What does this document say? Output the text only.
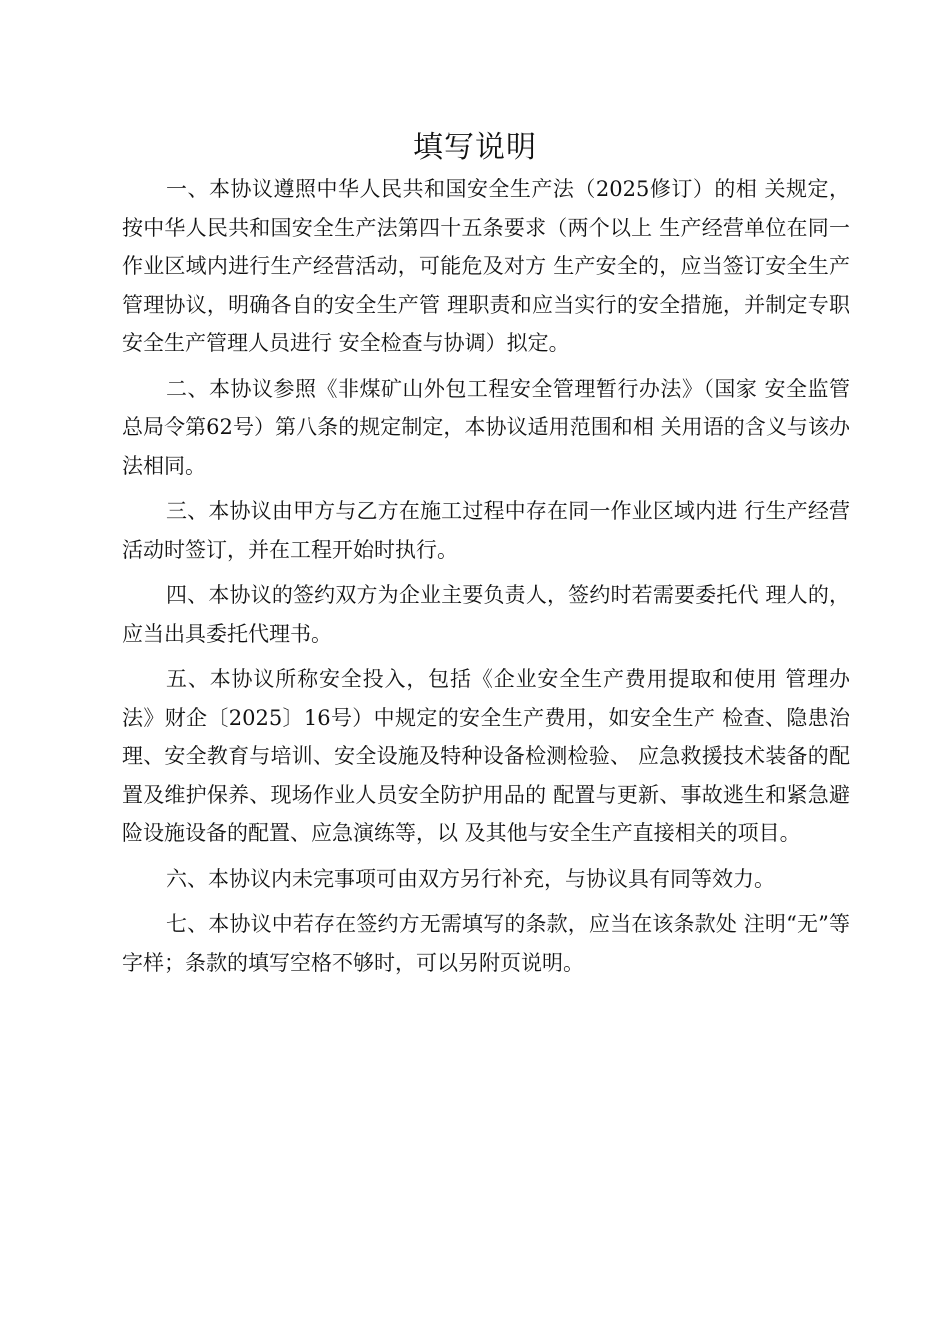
填写说明

一、本协议遵照中华人民共和国安全生产法（2025修订）的相 关规定，按中华人民共和国安全生产法第四十五条要求（两个以上 生产经营单位在同一作业区域内进行生产经营活动，可能危及对方 生产安全的，应当签订安全生产管理协议，明确各自的安全生产管 理职责和应当实行的安全措施，并制定专职安全生产管理人员进行 安全检查与协调）拟定。

二、本协议参照《非煤矿山外包工程安全管理暂行办法》（国家 安全监管总局令第62号）第八条的规定制定，本协议适用范围和相 关用语的含义与该办法相同。

三、本协议由甲方与乙方在施工过程中存在同一作业区域内进 行生产经营活动时签订，并在工程开始时执行。

四、本协议的签约双方为企业主要负责人，签约时若需要委托代 理人的，应当出具委托代理书。

五、本协议所称安全投入，包括《企业安全生产费用提取和使用 管理办法》财企〔2025〕16号）中规定的安全生产费用，如安全生产 检查、隐患治理、安全教育与培训、安全设施及特种设备检测检验、 应急救援技术装备的配置及维护保养、现场作业人员安全防护用品的 配置与更新、事故逃生和紧急避险设施设备的配置、应急演练等，以 及其他与安全生产直接相关的项目。

六、本协议内未完事项可由双方另行补充，与协议具有同等效力。

七、本协议中若存在签约方无需填写的条款，应当在该条款处 注明“无”等字样；条款的填写空格不够时，可以另附页说明。
